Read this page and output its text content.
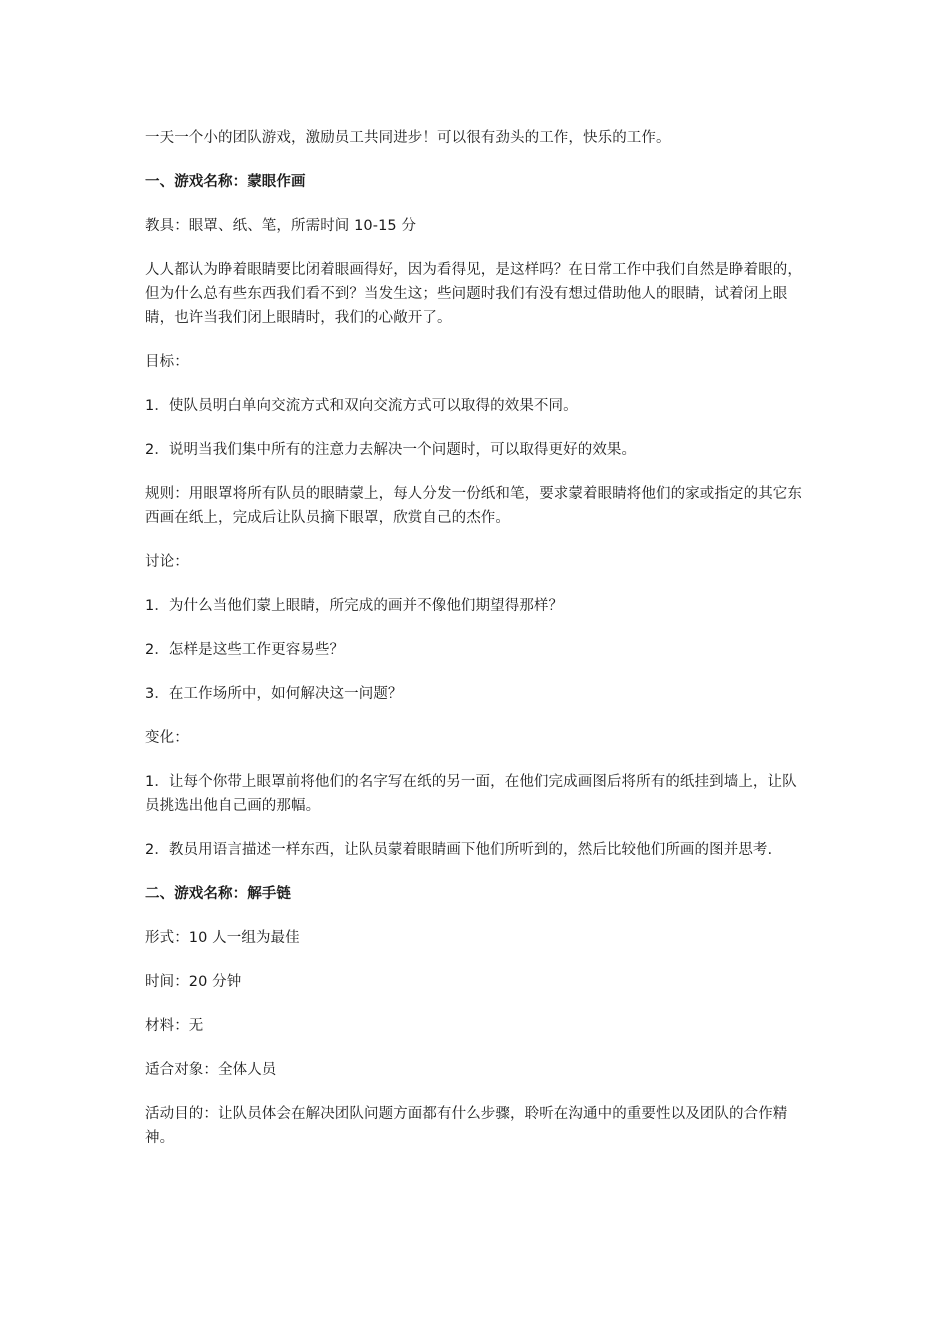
一天一个小的团队游戏，激励员工共同进步！可以很有劲头的工作，快乐的工作。

一、游戏名称：蒙眼作画

教具：眼罩、纸、笔，所需时间 10-15 分

人人都认为睁着眼睛要比闭着眼画得好，因为看得见，是这样吗？在日常工作中我们自然是睁着眼的，但为什么总有些东西我们看不到？当发生这；些问题时我们有没有想过借助他人的眼睛，试着闭上眼睛，也许当我们闭上眼睛时，我们的心敞开了。

目标：

1．使队员明白单向交流方式和双向交流方式可以取得的效果不同。

2．说明当我们集中所有的注意力去解决一个问题时，可以取得更好的效果。

规则：用眼罩将所有队员的眼睛蒙上，每人分发一份纸和笔，要求蒙着眼睛将他们的家或指定的其它东西画在纸上，完成后让队员摘下眼罩，欣赏自己的杰作。

讨论：

1．为什么当他们蒙上眼睛，所完成的画并不像他们期望得那样？

2．怎样是这些工作更容易些？

3．在工作场所中，如何解决这一问题？

变化：

1．让每个你带上眼罩前将他们的名字写在纸的另一面，在他们完成画图后将所有的纸挂到墙上，让队员挑选出他自己画的那幅。

2．教员用语言描述一样东西，让队员蒙着眼睛画下他们所听到的，然后比较他们所画的图并思考.

二、游戏名称：解手链

形式：10 人一组为最佳

时间：20 分钟

材料：无

适合对象：全体人员

活动目的：让队员体会在解决团队问题方面都有什么步骤，聆听在沟通中的重要性以及团队的合作精神。
